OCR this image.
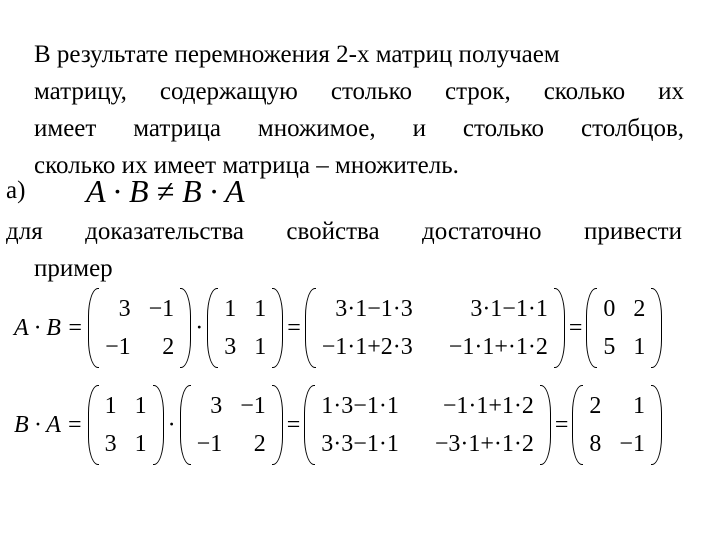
В результате перемножения 2-х матриц получаем
матрицу, содержащую столько строк, сколько их
имеет матрица множимое, и столько столбцов,
сколько их имеет матрица – множитель.
а) A · B ≠ B · A
для доказательства свойства достаточно привести
пример
A · B =
3 −1
−1	2
·
1 1
3 1
=
3·1−1·3	3·1−1·1
−1·1+2·3 −1·1+·1·2
=
0 2
5 1
B · A =
1 1
3 1
·
3 −1
−1	2
=
1·3−1·1	−1·1+1·2
3·3−1·1 −3·1+·1·2
=
2	1
8 −1
